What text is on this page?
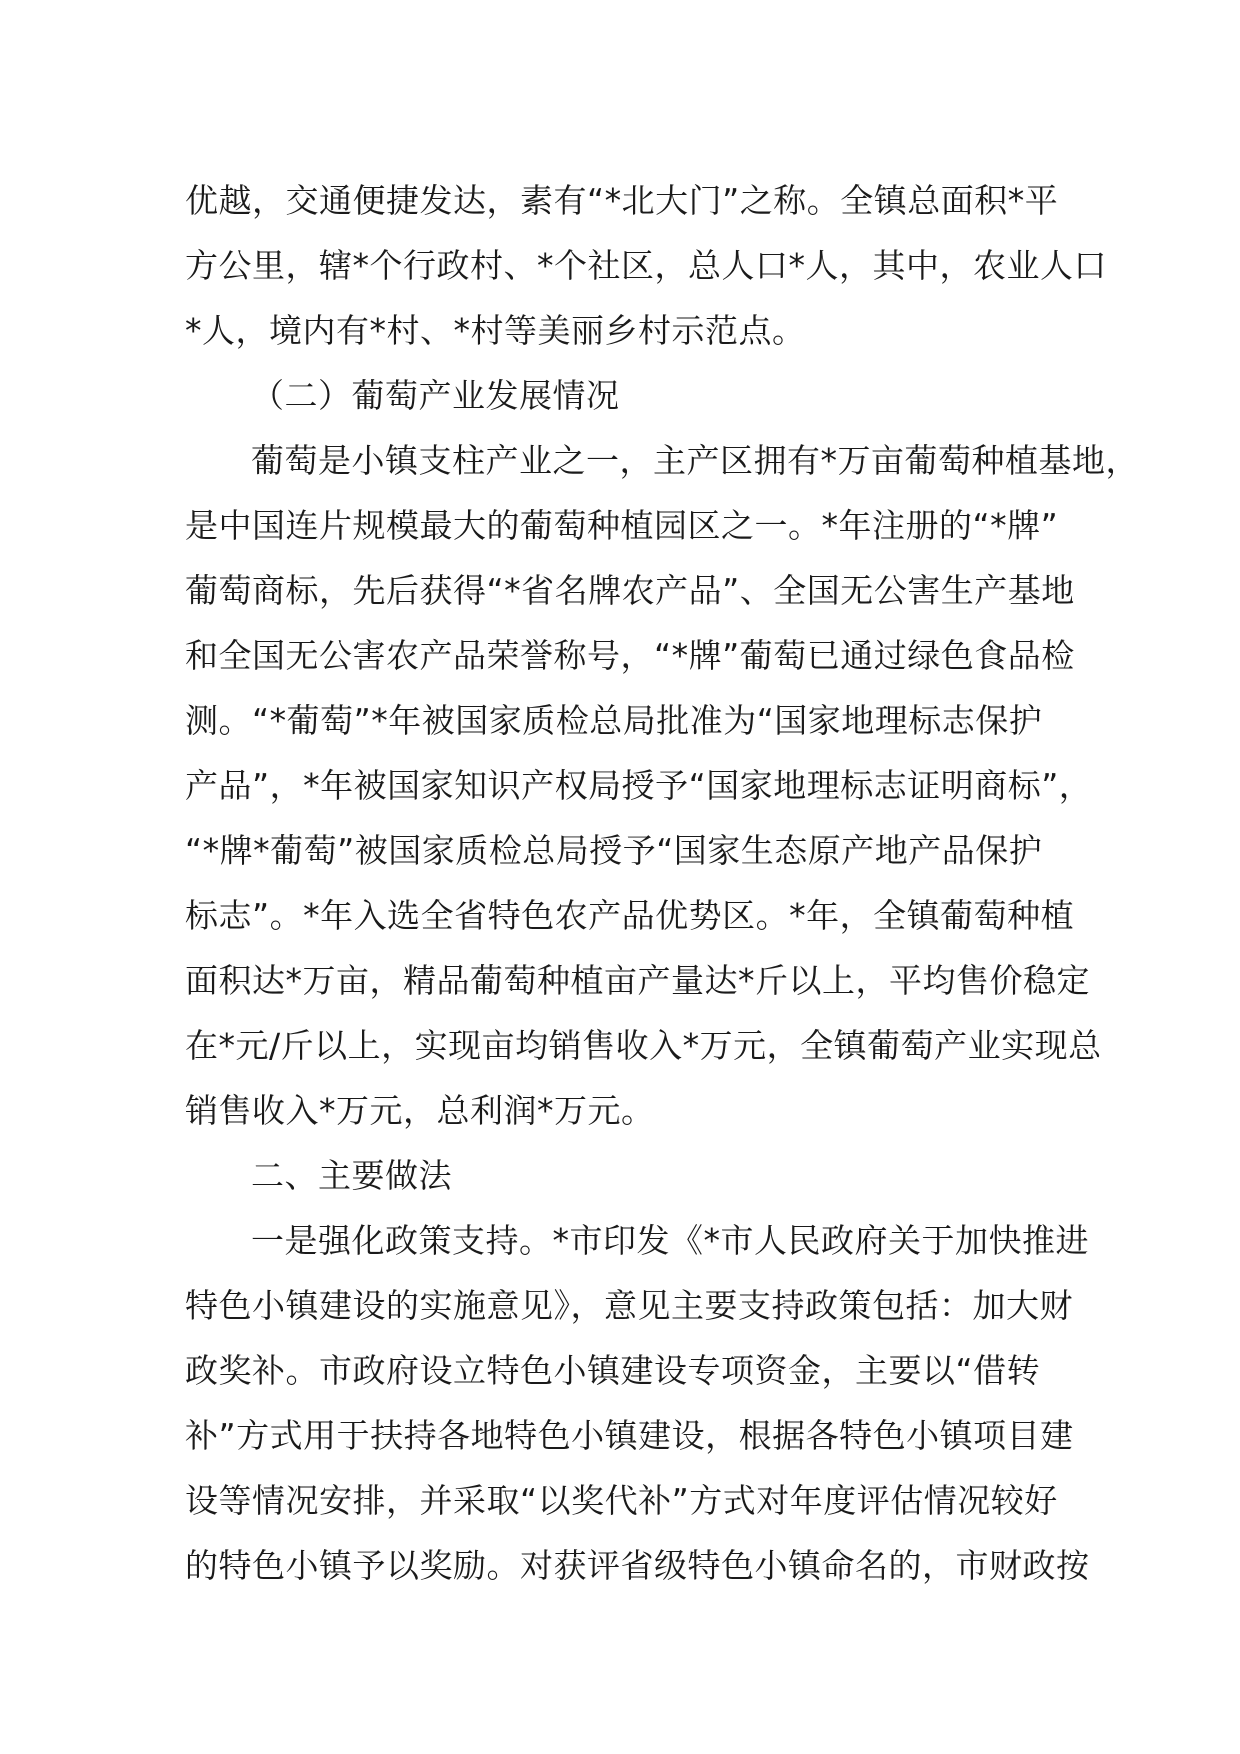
优越，交通便捷发达，素有“*北大门”之称。全镇总面积*平
方公里，辖*个行政村、*个社区，总人口*人，其中，农业人口
*人，境内有*村、*村等美丽乡村示范点。
（二）葡萄产业发展情况
葡萄是小镇支柱产业之一，主产区拥有*万亩葡萄种植基地，
是中国连片规模最大的葡萄种植园区之一。*年注册的“*牌”
葡萄商标，先后获得“*省名牌农产品”、全国无公害生产基地
和全国无公害农产品荣誉称号，“*牌”葡萄已通过绿色食品检
测。“*葡萄”*年被国家质检总局批准为“国家地理标志保护
产品”，*年被国家知识产权局授予“国家地理标志证明商标”，
“*牌*葡萄”被国家质检总局授予“国家生态原产地产品保护
标志”。*年入选全省特色农产品优势区。*年，全镇葡萄种植
面积达*万亩，精品葡萄种植亩产量达*斤以上，平均售价稳定
在*元/斤以上，实现亩均销售收入*万元，全镇葡萄产业实现总
销售收入*万元，总利润*万元。
二、主要做法
一是强化政策支持。*市印发《*市人民政府关于加快推进
特色小镇建设的实施意见》，意见主要支持政策包括：加大财
政奖补。市政府设立特色小镇建设专项资金，主要以“借转
补”方式用于扶持各地特色小镇建设，根据各特色小镇项目建
设等情况安排，并采取“以奖代补”方式对年度评估情况较好
的特色小镇予以奖励。对获评省级特色小镇命名的，市财政按
